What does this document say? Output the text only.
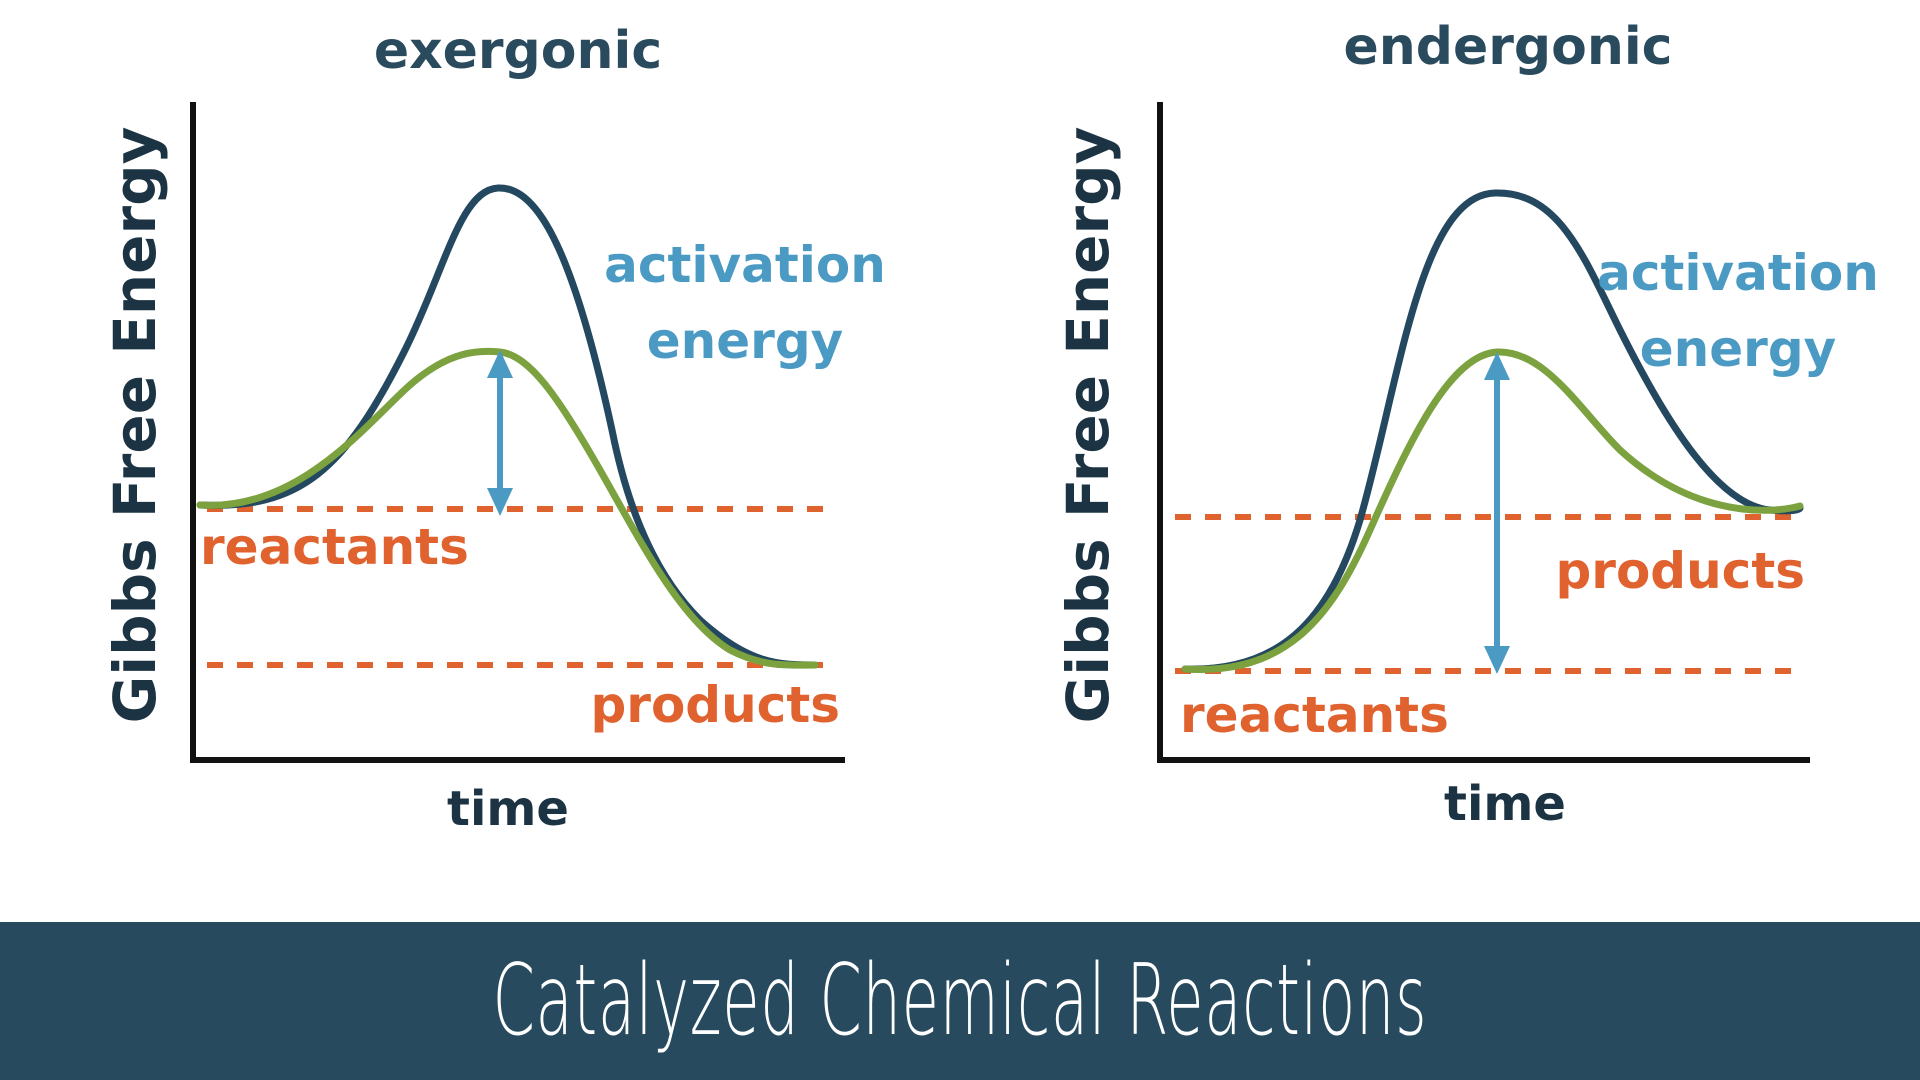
exergonic
Gibbs Free Energy	activation
energy
reactants
products
time
endergonic
Gibbs Free Energy	activation
energy
products
reactants
time
Catalyzed Chemical Reactions
